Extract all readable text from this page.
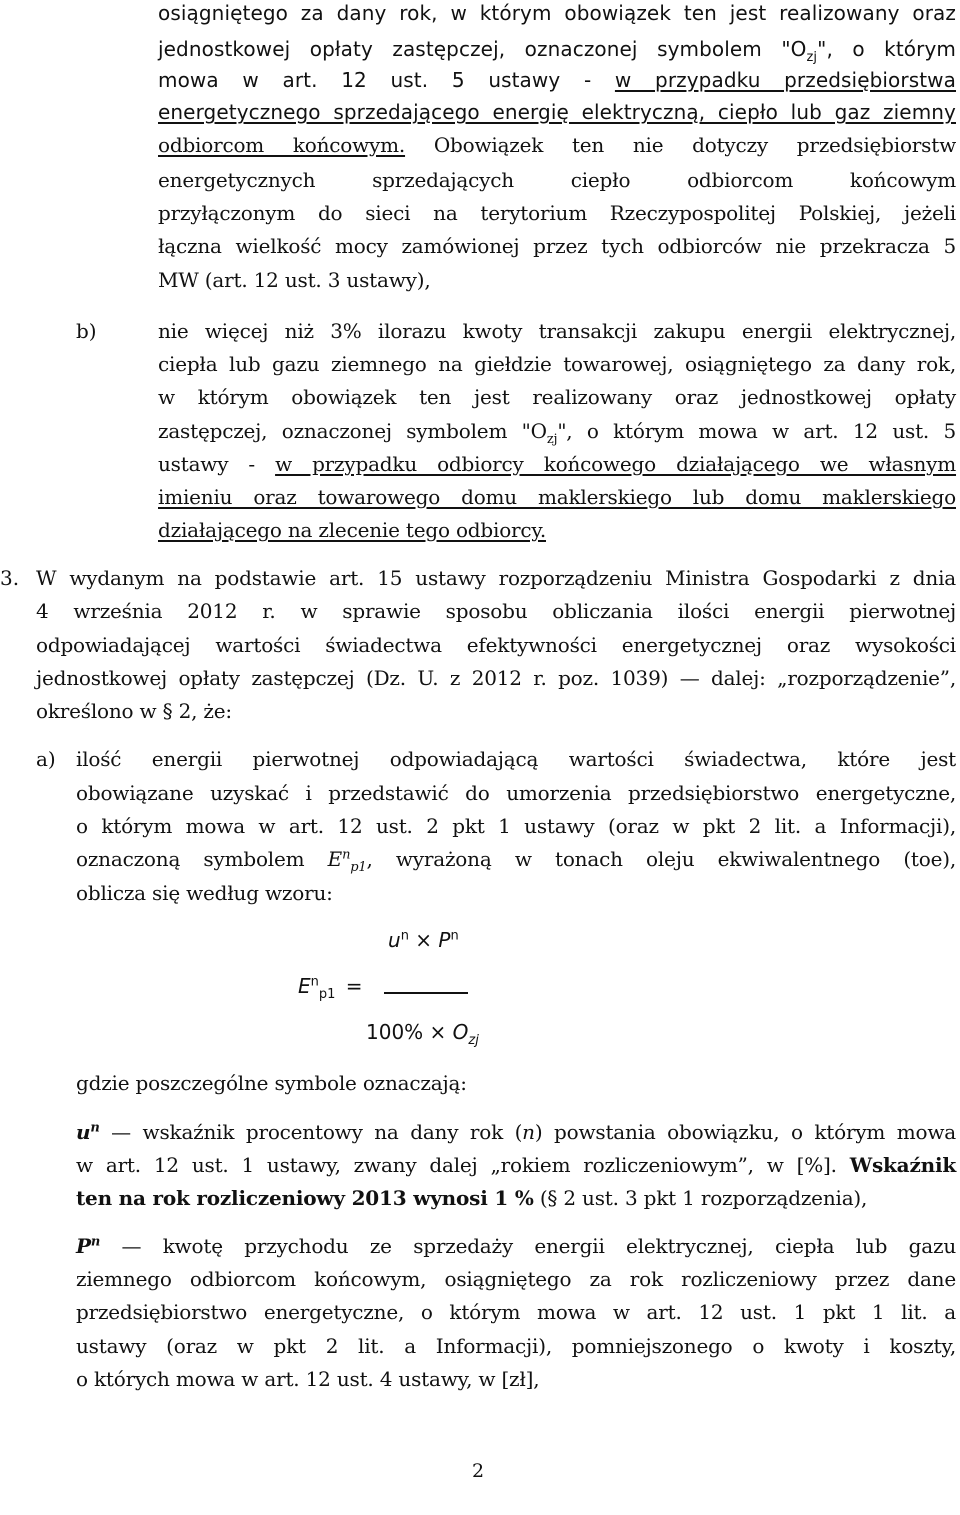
osiągniętego za dany rok, w którym obowiązek ten jest realizowany oraz
jednostkowej opłaty zastępczej, oznaczonej symbolem "$O_{zj}$", o którym
mowa w art. 12 ust. 5 ustawy - w przypadku przedsiębiorstwa
energetycznego sprzedającego energię elektryczną, ciepło lub gaz ziemny
odbiorcom końcowym. Obowiązek ten nie dotyczy przedsiębiorstw
energetycznych sprzedających ciepło odbiorcom końcowym
przyłączonym do sieci na terytorium Rzeczypospolitej Polskiej, jeżeli
łączna wielkość mocy zamówionej przez tych odbiorców nie przekracza 5
MW (art. 12 ust. 3 ustawy),
b)	nie więcej niż 3% ilorazu kwoty transakcji zakupu energii elektrycznej,
ciepła lub gazu ziemnego na giełdzie towarowej, osiągniętego za dany rok,
w którym obowiązek ten jest realizowany oraz jednostkowej opłaty
zastępczej, oznaczonej symbolem "$O_{zj}$", o którym mowa w art. 12 ust. 5
ustawy - w przypadku odbiorcy końcowego działającego we własnym
imieniu oraz towarowego domu maklerskiego lub domu maklerskiego
działającego na zlecenie tego odbiorcy.
3. W wydanym na podstawie art. 15 ustawy rozporządzeniu Ministra Gospodarki z dnia
4 września 2012 r. w sprawie sposobu obliczania ilości energii pierwotnej
odpowiadającej wartości świadectwa efektywności energetycznej oraz wysokości
jednostkowej opłaty zastępczej (Dz. U. z 2012 r. poz. 1039) — dalej: „rozporządzenie”,
określono w § 2, że:
a) ilość energii pierwotnej odpowiadającą wartości świadectwa, które jest
obowiązane uzyskać i przedstawić do umorzenia przedsiębiorstwo energetyczne,
o którym mowa w art. 12 ust. 2 pkt 1 ustawy (oraz w pkt 2 lit. a Informacji),
oznaczoną symbolem $E^n_{p1}$, wyrażoną w tonach oleju ekwiwalentnego (toe),
oblicza się według wzoru:
$u^n \times P^n$
$E^n_{p1}$ =
$100\% \times O_{zj}$
gdzie poszczególne symbole oznaczają:
$u^n$ — wskaźnik procentowy na dany rok (n) powstania obowiązku, o którym mowa
w art. 12 ust. 1 ustawy, zwany dalej „rokiem rozliczeniowym”, w [%]. Wskaźnik
ten na rok rozliczeniowy 2013 wynosi 1 % (§ 2 ust. 3 pkt 1 rozporządzenia),
$P^n$ — kwotę przychodu ze sprzedaży energii elektrycznej, ciepła lub gazu
ziemnego odbiorcom końcowym, osiągniętego za rok rozliczeniowy przez dane
przedsiębiorstwo energetyczne, o którym mowa w art. 12 ust. 1 pkt 1 lit. a
ustawy (oraz w pkt 2 lit. a Informacji), pomniejszonego o kwoty i koszty,
o których mowa w art. 12 ust. 4 ustawy, w [zł],
2
